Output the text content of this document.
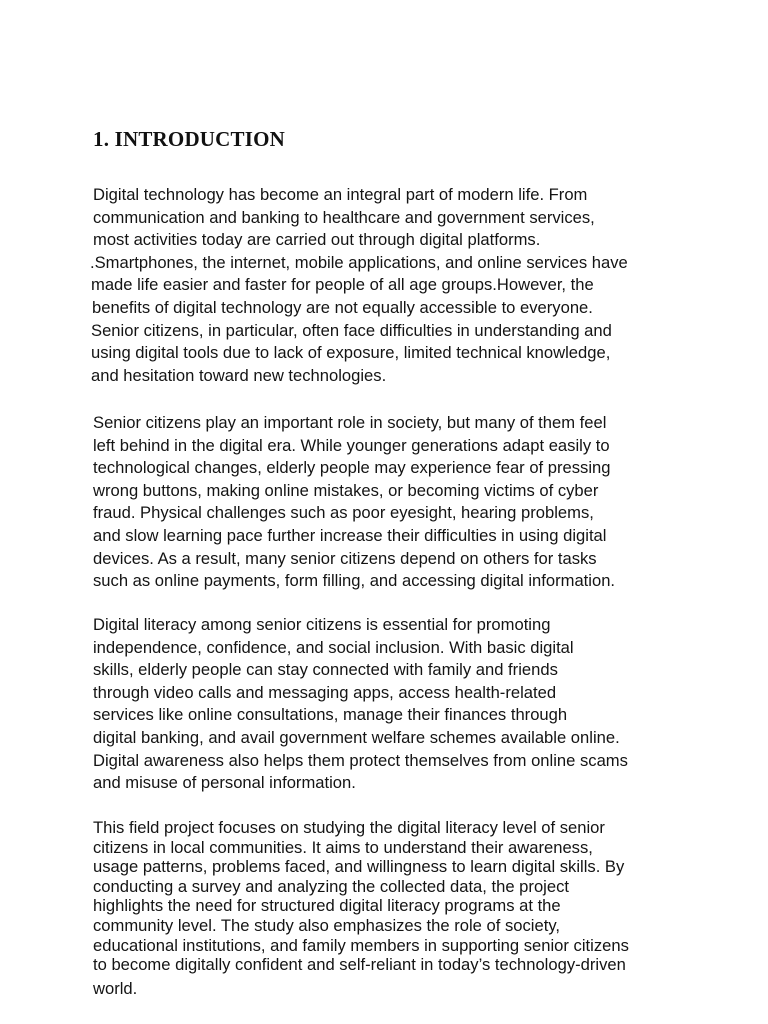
1. INTRODUCTION

Digital technology has become an integral part of modern life. From
communication and banking to healthcare and government services,
most activities today are carried out through digital platforms.
.Smartphones, the internet, mobile applications, and online services have
made life easier and faster for people of all age groups.However, the
benefits of digital technology are not equally accessible to everyone.
Senior citizens, in particular, often face difficulties in understanding and
using digital tools due to lack of exposure, limited technical knowledge,
and hesitation toward new technologies.

Senior citizens play an important role in society, but many of them feel
left behind in the digital era. While younger generations adapt easily to
technological changes, elderly people may experience fear of pressing
wrong buttons, making online mistakes, or becoming victims of cyber
fraud. Physical challenges such as poor eyesight, hearing problems,
and slow learning pace further increase their difficulties in using digital
devices. As a result, many senior citizens depend on others for tasks
such as online payments, form filling, and accessing digital information.

Digital literacy among senior citizens is essential for promoting
independence, confidence, and social inclusion. With basic digital
skills, elderly people can stay connected with family and friends
through video calls and messaging apps, access health-related
services like online consultations, manage their finances through
digital banking, and avail government welfare schemes available online.
Digital awareness also helps them protect themselves from online scams
and misuse of personal information.

This field project focuses on studying the digital literacy level of senior
citizens in local communities. It aims to understand their awareness,
usage patterns, problems faced, and willingness to learn digital skills. By
conducting a survey and analyzing the collected data, the project
highlights the need for structured digital literacy programs at the
community level. The study also emphasizes the role of society,
educational institutions, and family members in supporting senior citizens
to become digitally confident and self-reliant in today’s technology-driven
world.
